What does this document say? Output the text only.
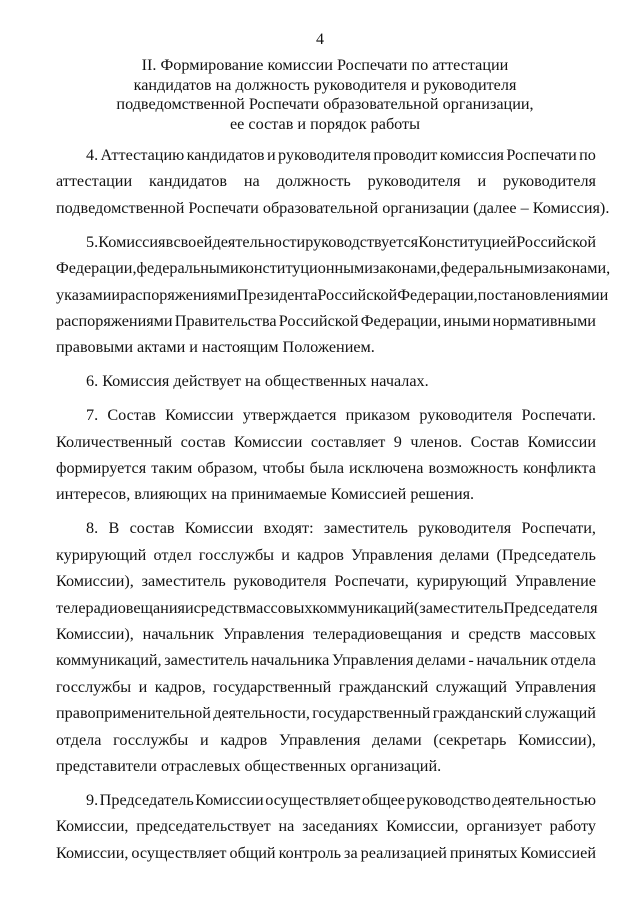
4
II. Формирование комиссии Роспечати по аттестации
кандидатов на должность руководителя и руководителя
подведомственной Роспечати образовательной организации,
ее состав и порядок работы
4. Аттестацию кандидатов и руководителя проводит комиссия Роспечати по
аттестации кандидатов на должность руководителя и руководителя
подведомственной Роспечати образовательной организации (далее – Комиссия).
5. Комиссия в своей деятельности руководствуется Конституцией Российской
Федерации, федеральными конституционными законами, федеральными законами,
указами и распоряжениями Президента Российской Федерации, постановлениями и
распоряжениями Правительства Российской Федерации, иными нормативными
правовыми актами и настоящим Положением.
6. Комиссия действует на общественных началах.
7. Состав Комиссии утверждается приказом руководителя Роспечати.
Количественный состав Комиссии составляет 9 членов. Состав Комиссии
формируется таким образом, чтобы была исключена возможность конфликта
интересов, влияющих на принимаемые Комиссией решения.
8. В состав Комиссии входят: заместитель руководителя Роспечати,
курирующий отдел госслужбы и кадров Управления делами (Председатель
Комиссии), заместитель руководителя Роспечати, курирующий Управление
телерадиовещания и средств массовых коммуникаций (заместитель Председателя
Комиссии), начальник Управления телерадиовещания и средств массовых
коммуникаций, заместитель начальника Управления делами - начальник отдела
госслужбы и кадров, государственный гражданский служащий Управления
правоприменительной деятельности, государственный гражданский служащий
отдела госслужбы и кадров Управления делами (секретарь Комиссии),
представители отраслевых общественных организаций.
9. Председатель Комиссии осуществляет общее руководство деятельностью
Комиссии, председательствует на заседаниях Комиссии, организует работу
Комиссии, осуществляет общий контроль за реализацией принятых Комиссией
